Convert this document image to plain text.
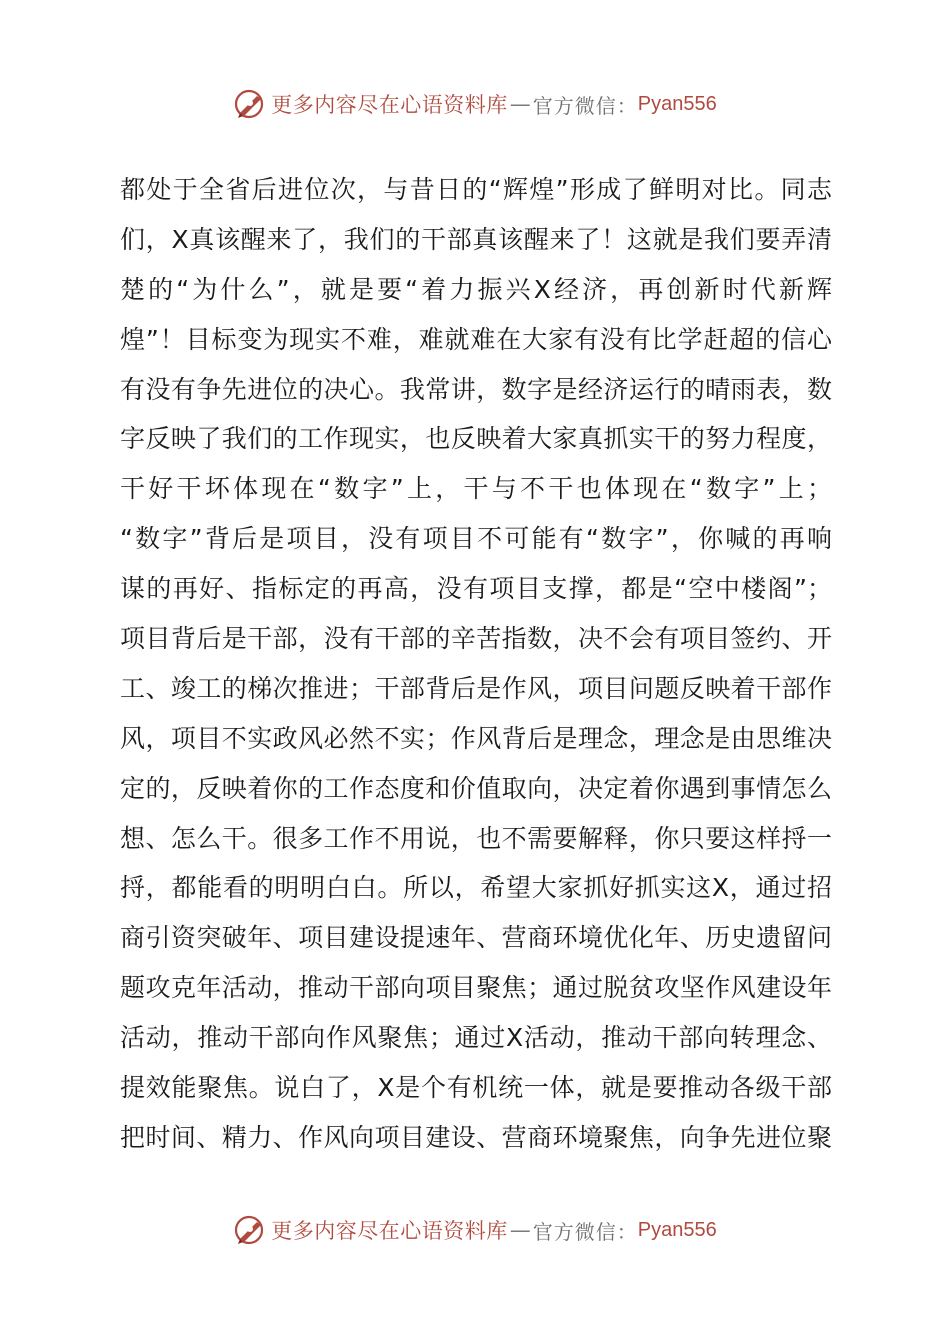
更多内容尽在心语资料库 — 官方微信： Pyan556
都处于全省后进位次，与昔日的“辉煌”形成了鲜明对比。同志
们，X真该醒来了，我们的干部真该醒来了！这就是我们要弄清
楚的“为什么”，就是要“着力振兴X经济，再创新时代新辉
煌”！目标变为现实不难，难就难在大家有没有比学赶超的信心
有没有争先进位的决心。我常讲，数字是经济运行的晴雨表，数
字反映了我们的工作现实，也反映着大家真抓实干的努力程度，
干好干坏体现在“数字”上，干与不干也体现在“数字”上；
“数字”背后是项目，没有项目不可能有“数字”，你喊的再响
谋的再好、指标定的再高，没有项目支撑，都是“空中楼阁”；
项目背后是干部，没有干部的辛苦指数，决不会有项目签约、开
工、竣工的梯次推进；干部背后是作风，项目问题反映着干部作
风，项目不实政风必然不实；作风背后是理念，理念是由思维决
定的，反映着你的工作态度和价值取向，决定着你遇到事情怎么
想、怎么干。很多工作不用说，也不需要解释，你只要这样捋一
捋，都能看的明明白白。所以，希望大家抓好抓实这X，通过招
商引资突破年、项目建设提速年、营商环境优化年、历史遗留问
题攻克年活动，推动干部向项目聚焦；通过脱贫攻坚作风建设年
活动，推动干部向作风聚焦；通过X活动，推动干部向转理念、
提效能聚焦。说白了，X是个有机统一体，就是要推动各级干部
把时间、精力、作风向项目建设、营商环境聚焦，向争先进位聚
更多内容尽在心语资料库 — 官方微信： Pyan556
